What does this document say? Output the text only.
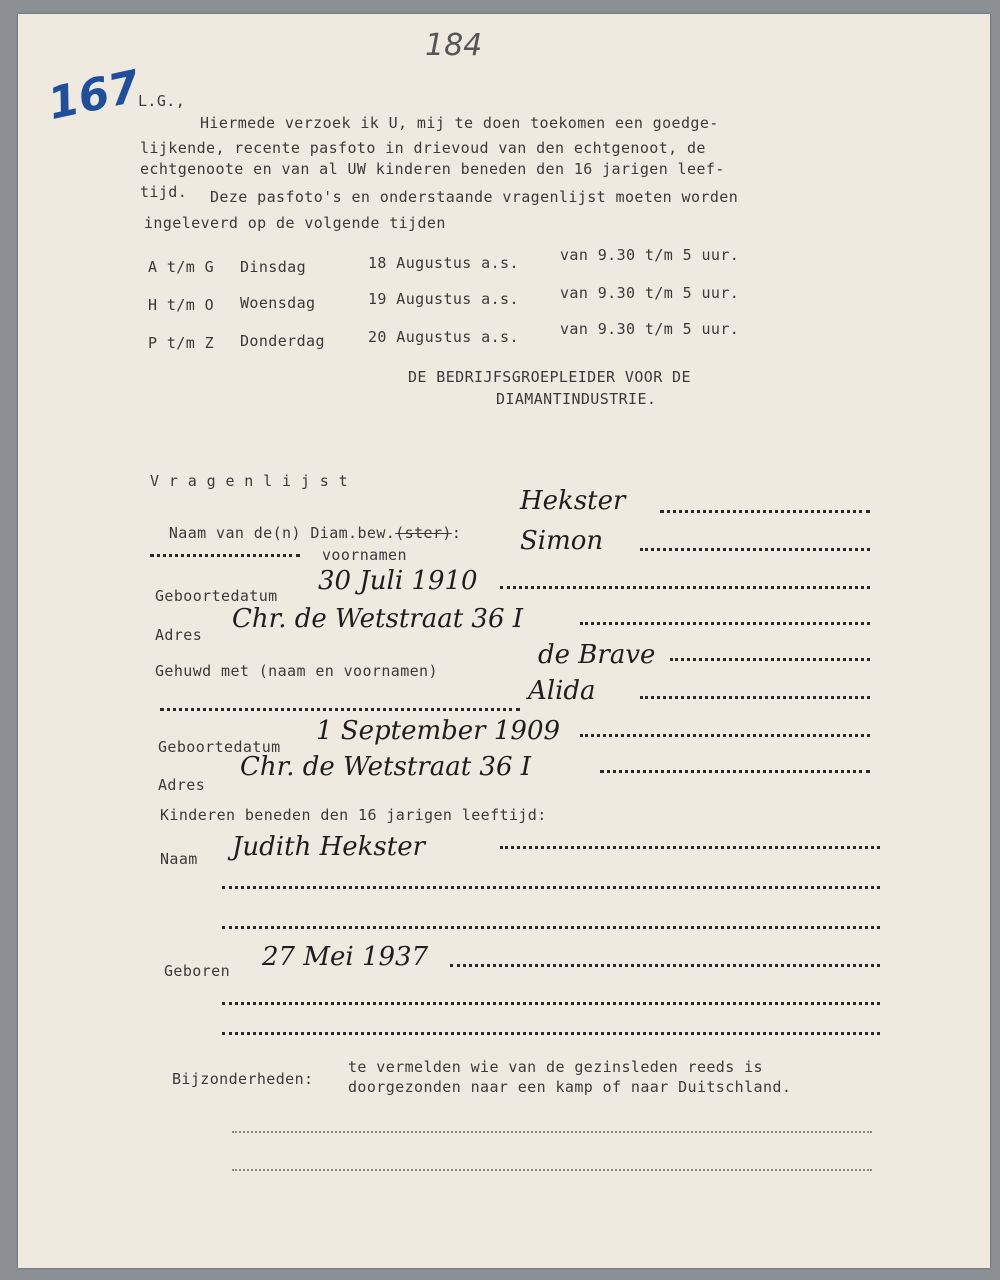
184
167
L.G.,
Hiermede verzoek ik U, mij te doen toekomen een goedge-
lijkende, recente pasfoto in drievoud van den echtgenoot, de
echtgenoote en van al UW kinderen beneden den 16 jarigen leef-
tijd. Deze pasfoto's en onderstaande vragenlijst moeten worden
ingeleverd op de volgende tijden
A t/m G Dinsdag	18 Augustus a.s.	van 9.30 t/m 5 uur.
H t/m O Woensdag	19 Augustus a.s.	van 9.30 t/m 5 uur.
P t/m Z Donderdag	20 Augustus a.s.	van 9.30 t/m 5 uur.
DE BEDRIJFSGROEPLEIDER VOOR DE
DIAMANTINDUSTRIE.
V r a g e n l i j s t

Naam van de(n) Diam.bew.(ster):

Hekster
voornamen	Simon
Geboortedatum 30 Juli 1910
Adres
Chr. de Wetstraat 36 I
Gehuwd met (naam en voornamen)
de Brave
Alida
Geboortedatum
1 September 1909
Adres
Chr. de Wetstraat 36 I
Kinderen beneden den 16 jarigen leeftijd:
Naam Judith Hekster
Geboren 27 Mei 1937
Bijzonderheden:
te vermelden wie van de gezinsleden reeds is
doorgezonden naar een kamp of naar Duitschland.
